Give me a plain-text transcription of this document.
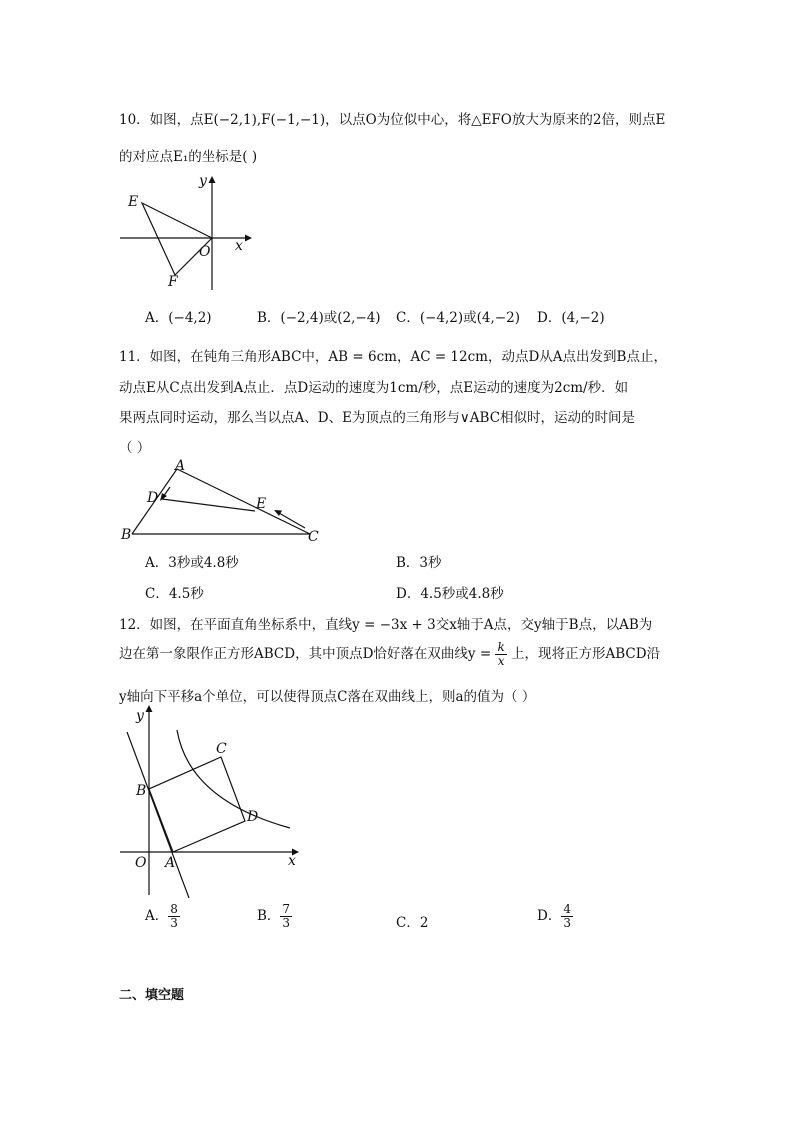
10．如图，点E(−2,1),F(−1,−1)，以点O为位似中心，将△EFO放大为原来的2倍，则点E
的对应点E₁的坐标是( )
E
F
O x
y
A．(−4,2)	B．(−2,4)或(2,−4) C．(−4,2)或(4,−2) D．(4,−2)
11．如图，在钝角三角形ABC中，AB = 6cm，AC = 12cm，动点D从A点出发到B点止，
动点E从C点出发到A点止．点D运动的速度为1cm/秒，点E运动的速度为2cm/秒．如
果两点同时运动，那么当以点A、D、E为顶点的三角形与∨ABC相似时，运动的时间是
（ ）
A
B	C
D	E
A．3秒或4.8秒	B．3秒
C．4.5秒	D．4.5秒或4.8秒
12．如图，在平面直角坐标系中，直线y = −3x + 3交x轴于A点，交y轴于B点，以AB为
边在第一象限作正方形ABCD，其中顶点D恰好落在双曲线$y = \frac{k}{x}$ 上，现将正方形ABCD沿
y轴向下平移a个单位，可以使得顶点C落在双曲线上，则a的值为（ ）
B
A
C
D
O	x
y
A． $\frac{8}{3}$	B． $\frac{7}{3}$	C．2	D． $\frac{4}{3}$
二、填空题
